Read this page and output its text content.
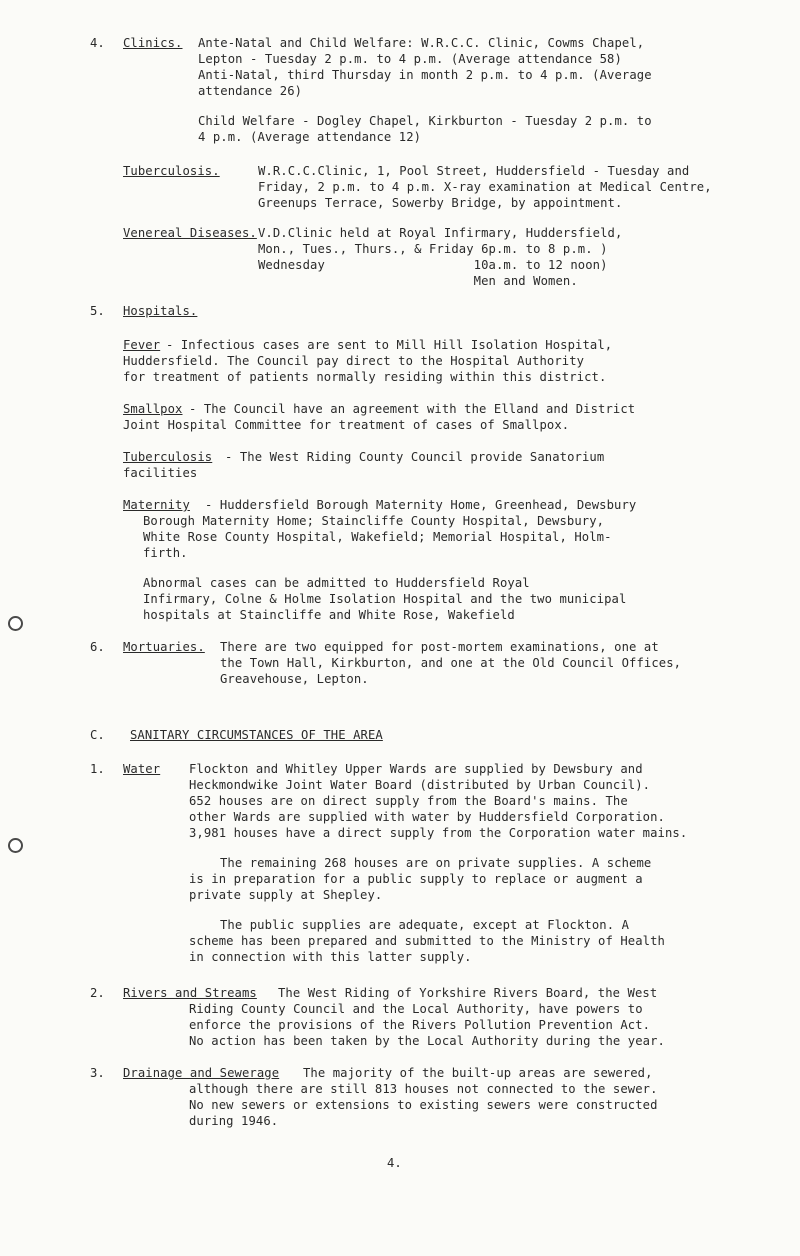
4. Clinics. Ante-Natal and Child Welfare: W.R.C.C. Clinic, Cowms Chapel,
Lepton - Tuesday 2 p.m. to 4 p.m. (Average attendance 58)
Anti-Natal, third Thursday in month 2 p.m. to 4 p.m. (Average
attendance 26)
Child Welfare - Dogley Chapel, Kirkburton - Tuesday 2 p.m. to
4 p.m. (Average attendance 12)
Tuberculosis.	W.R.C.C.Clinic, 1, Pool Street, Huddersfield - Tuesday and
Friday, 2 p.m. to 4 p.m. X-ray examination at Medical Centre,
Greenups Terrace, Sowerby Bridge, by appointment.
Venereal Diseases. V.D.Clinic held at Royal Infirmary, Huddersfield,
Mon., Tues., Thurs., & Friday 6p.m. to 8 p.m. )
Wednesday                    10a.m. to 12 noon)
Men and Women.
5. Hospitals.
Fever - Infectious cases are sent to Mill Hill Isolation Hospital,
Huddersfield. The Council pay direct to the Hospital Authority
for treatment of patients normally residing within this district.
Smallpox - The Council have an agreement with the Elland and District
Joint Hospital Committee for treatment of cases of Smallpox.
Tuberculosis - The West Riding County Council provide Sanatorium
facilities
Maternity - Huddersfield Borough Maternity Home, Greenhead, Dewsbury
Borough Maternity Home; Staincliffe County Hospital, Dewsbury,
White Rose County Hospital, Wakefield; Memorial Hospital, Holm-
firth.
Abnormal cases can be admitted to Huddersfield Royal
Infirmary, Colne & Holme Isolation Hospital and the two municipal
hospitals at Staincliffe and White Rose, Wakefield
6. Mortuaries. There are two equipped for post-mortem examinations, one at
the Town Hall, Kirkburton, and one at the Old Council Offices,
Greavehouse, Lepton.
C. SANITARY CIRCUMSTANCES OF THE AREA
1. Water Flockton and Whitley Upper Wards are supplied by Dewsbury and
Heckmondwike Joint Water Board (distributed by Urban Council).
652 houses are on direct supply from the Board's mains. The
other Wards are supplied with water by Huddersfield Corporation.
3,981 houses have a direct supply from the Corporation water mains.
The remaining 268 houses are on private supplies. A scheme
is in preparation for a public supply to replace or augment a
private supply at Shepley.
The public supplies are adequate, except at Flockton. A
scheme has been prepared and submitted to the Ministry of Health
in connection with this latter supply.
2. Rivers and Streams The West Riding of Yorkshire Rivers Board, the West
Riding County Council and the Local Authority, have powers to
enforce the provisions of the Rivers Pollution Prevention Act.
No action has been taken by the Local Authority during the year.
3. Drainage and Sewerage The majority of the built-up areas are sewered,
although there are still 813 houses not connected to the sewer.
No new sewers or extensions to existing sewers were constructed
during 1946.
4.
